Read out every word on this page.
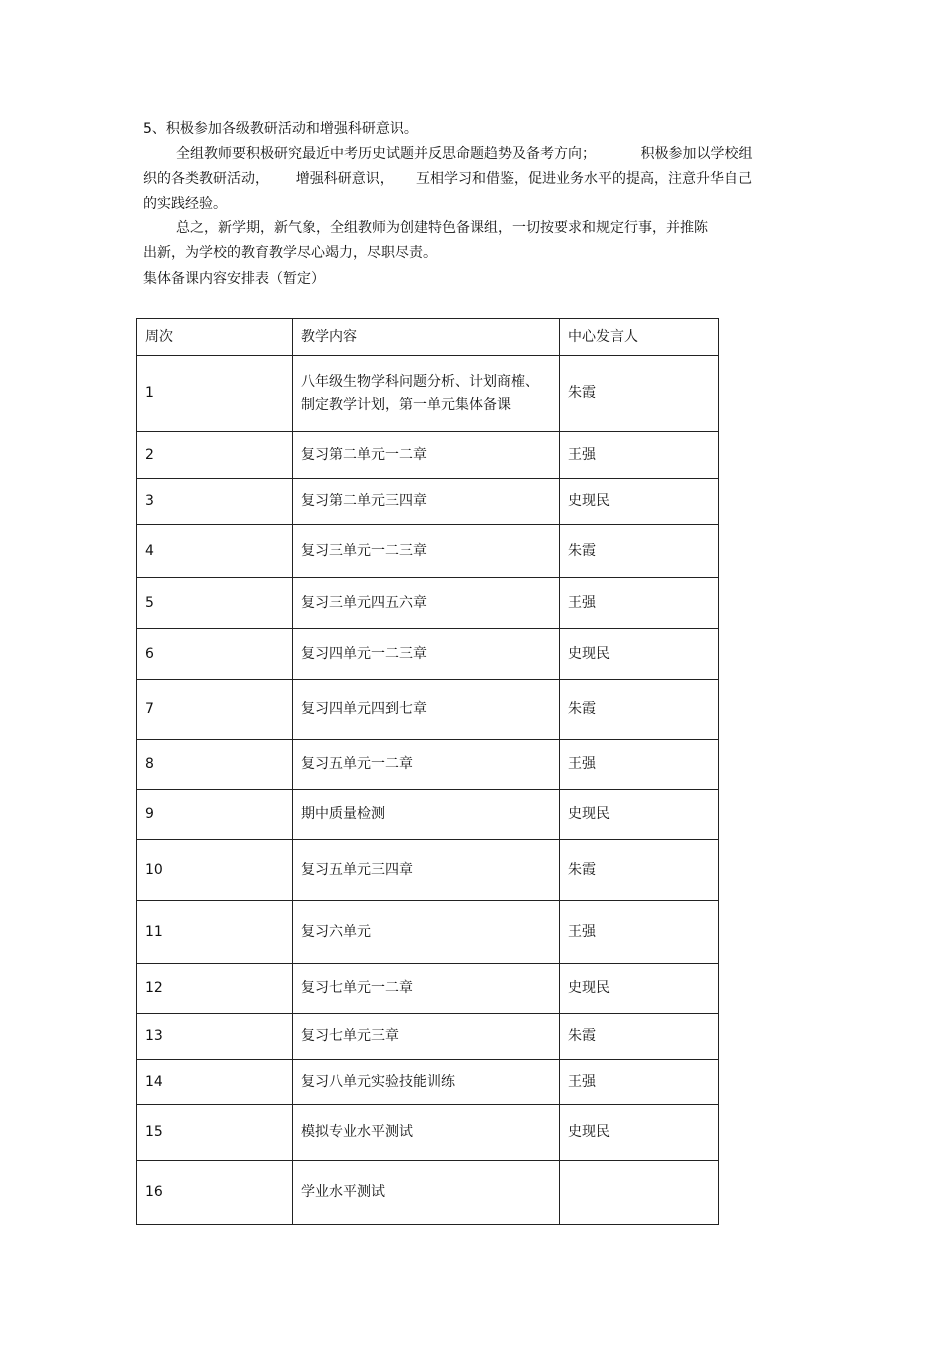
5、积极参加各级教研活动和增强科研意识。
全组教师要积极研究最近中考历史试题并反思命题趋势及备考方向；          积极参加以学校组
织的各类教研活动，      增强科研意识，     互相学习和借鉴，促进业务水平的提高，注意升华自己
的实践经验。
总之，新学期，新气象，全组教师为创建特色备课组，一切按要求和规定行事，并推陈
出新，为学校的教育教学尽心竭力，尽职尽责。
集体备课内容安排表（暂定）
周次	教学内容	中心发言人
1	八年级生物学科问题分析、计划商榷、制定教学计划，第一单元集体备课	朱霞
2	复习第二单元一二章	王强
3	复习第二单元三四章	史现民
4	复习三单元一二三章	朱霞
5	复习三单元四五六章	王强
6	复习四单元一二三章	史现民
7	复习四单元四到七章	朱霞
8	复习五单元一二章	王强
9	期中质量检测	史现民
10	复习五单元三四章	朱霞
11	复习六单元	王强
12	复习七单元一二章	史现民
13	复习七单元三章	朱霞
14	复习八单元实验技能训练	王强
15	模拟专业水平测试	史现民
16	学业水平测试	
